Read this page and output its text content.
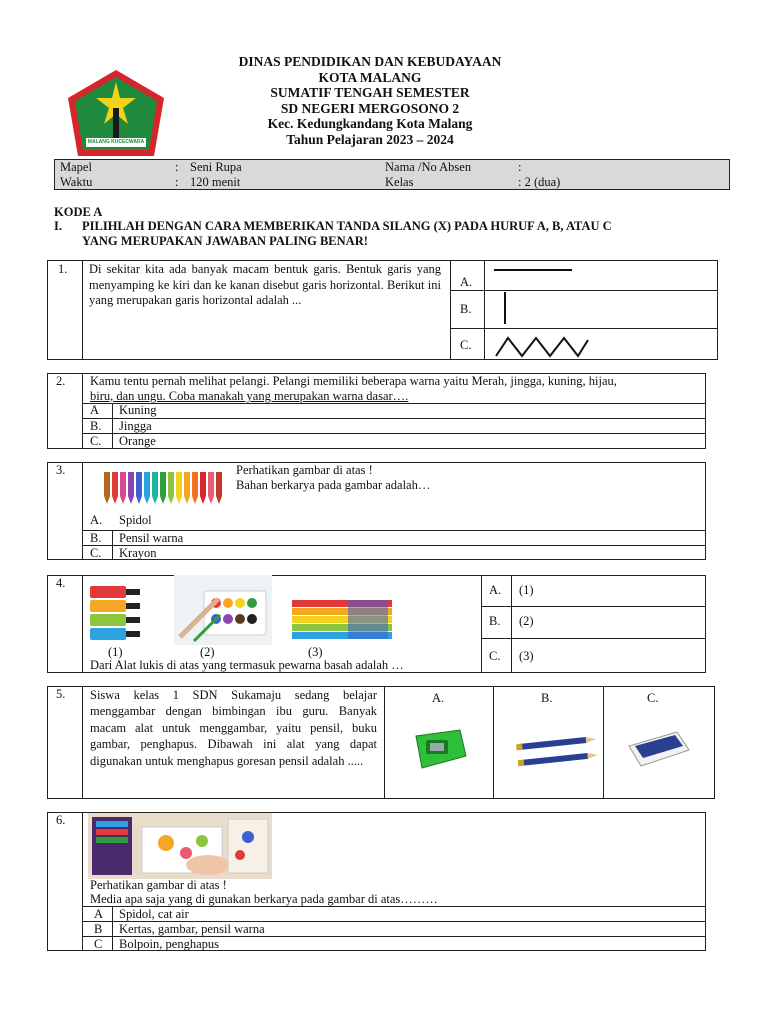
MALANG KUCECWARA
DINAS PENDIDIKAN DAN KEBUDAYAAN
KOTA MALANG
SUMATIF TENGAH SEMESTER
SD NEGERI MERGOSONO 2
Kec. Kedungkandang Kota Malang
Tahun Pelajaran 2023 – 2024
Mapel	: Seni Rupa
Waktu	: 120 menit
Nama /No Absen	:
Kelas	: 2 (dua)
KODE A
I. PILIHLAH DENGAN CARA MEMBERIKAN TANDA SILANG (X) PADA HURUF A, B, ATAU C
YANG MERUPAKAN JAWABAN PALING BENAR!
1. Di sekitar kita ada banyak macam bentuk garis. Bentuk garis yang menyamping ke kiri dan ke kanan disebut garis horizontal. Berikut ini yang merupakan garis horizontal adalah ...
A.
B.
C.
2. Kamu tentu pernah melihat pelangi. Pelangi memiliki beberapa warna yaitu Merah, jingga, kuning, hijau,
biru, dan ungu. Coba manakah yang merupakan warna dasar….
A Kuning
B. Jingga
C. Orange
3.	Perhatikan gambar di atas !
Bahan berkarya pada gambar adalah…
A. Spidol
B. Pensil warna
C. Krayon
4.
(1)	(2)	(3)
Dari Alat lukis di atas yang termasuk pewarna basah adalah …
A. (1)
B. (2)
C. (3)
5. Siswa kelas 1 SDN Sukamaju sedang belajar menggambar dengan bimbingan ibu guru. Banyak macam alat untuk menggambar, yaitu pensil, buku gambar, penghapus. Dibawah ini alat yang dapat digunakan untuk menghapus goresan pensil adalah .....
A.	B.	C.
6.
Perhatikan gambar di atas !
Media apa saja yang di gunakan berkarya pada gambar di atas………
A Spidol, cat air
B Kertas, gambar, pensil warna
C Bolpoin, penghapus
